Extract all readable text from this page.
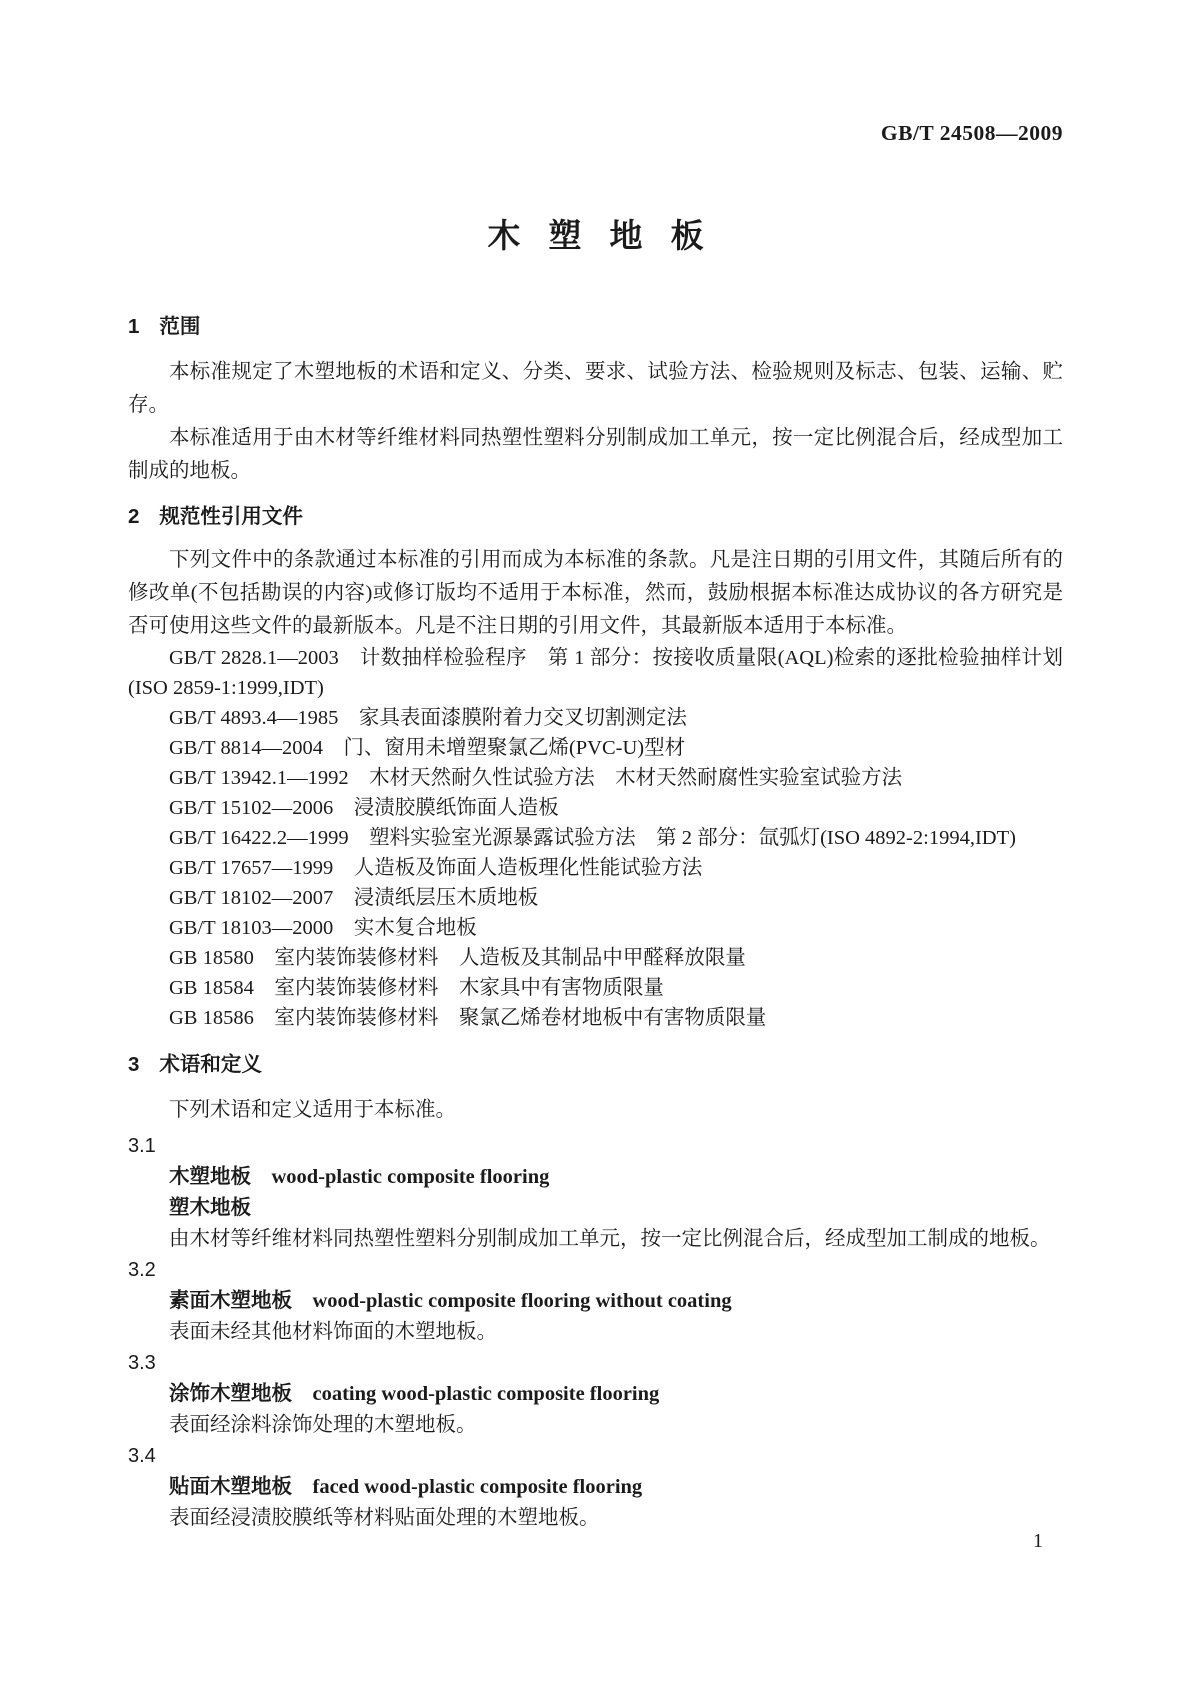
GB/T 24508—2009
木塑地板
1 范围

本标准规定了木塑地板的术语和定义、分类、要求、试验方法、检验规则及标志、包装、运输、贮存。

本标准适用于由木材等纤维材料同热塑性塑料分别制成加工单元，按一定比例混合后，经成型加工制成的地板。

2 规范性引用文件

下列文件中的条款通过本标准的引用而成为本标准的条款。凡是注日期的引用文件，其随后所有的修改单(不包括勘误的内容)或修订版均不适用于本标准，然而，鼓励根据本标准达成协议的各方研究是否可使用这些文件的最新版本。凡是不注日期的引用文件，其最新版本适用于本标准。

GB/T 2828.1—2003　计数抽样检验程序　第 1 部分：按接收质量限(AQL)检索的逐批检验抽样计划(ISO 2859-1:1999,IDT)

GB/T 4893.4—1985　家具表面漆膜附着力交叉切割测定法

GB/T 8814—2004　门、窗用未增塑聚氯乙烯(PVC-U)型材

GB/T 13942.1—1992　木材天然耐久性试验方法　木材天然耐腐性实验室试验方法

GB/T 15102—2006　浸渍胶膜纸饰面人造板

GB/T 16422.2—1999　塑料实验室光源暴露试验方法　第 2 部分：氙弧灯(ISO 4892-2:1994,IDT)

GB/T 17657—1999　人造板及饰面人造板理化性能试验方法

GB/T 18102—2007　浸渍纸层压木质地板

GB/T 18103—2000　实木复合地板

GB 18580　室内装饰装修材料　人造板及其制品中甲醛释放限量

GB 18584　室内装饰装修材料　木家具中有害物质限量

GB 18586　室内装饰装修材料　聚氯乙烯卷材地板中有害物质限量

3 术语和定义

下列术语和定义适用于本标准。

3.1

木塑地板　wood-plastic composite flooring

塑木地板

由木材等纤维材料同热塑性塑料分别制成加工单元，按一定比例混合后，经成型加工制成的地板。

3.2

素面木塑地板　wood-plastic composite flooring without coating

表面未经其他材料饰面的木塑地板。

3.3

涂饰木塑地板　coating wood-plastic composite flooring

表面经涂料涂饰处理的木塑地板。

3.4

贴面木塑地板　faced wood-plastic composite flooring

表面经浸渍胶膜纸等材料贴面处理的木塑地板。

1
